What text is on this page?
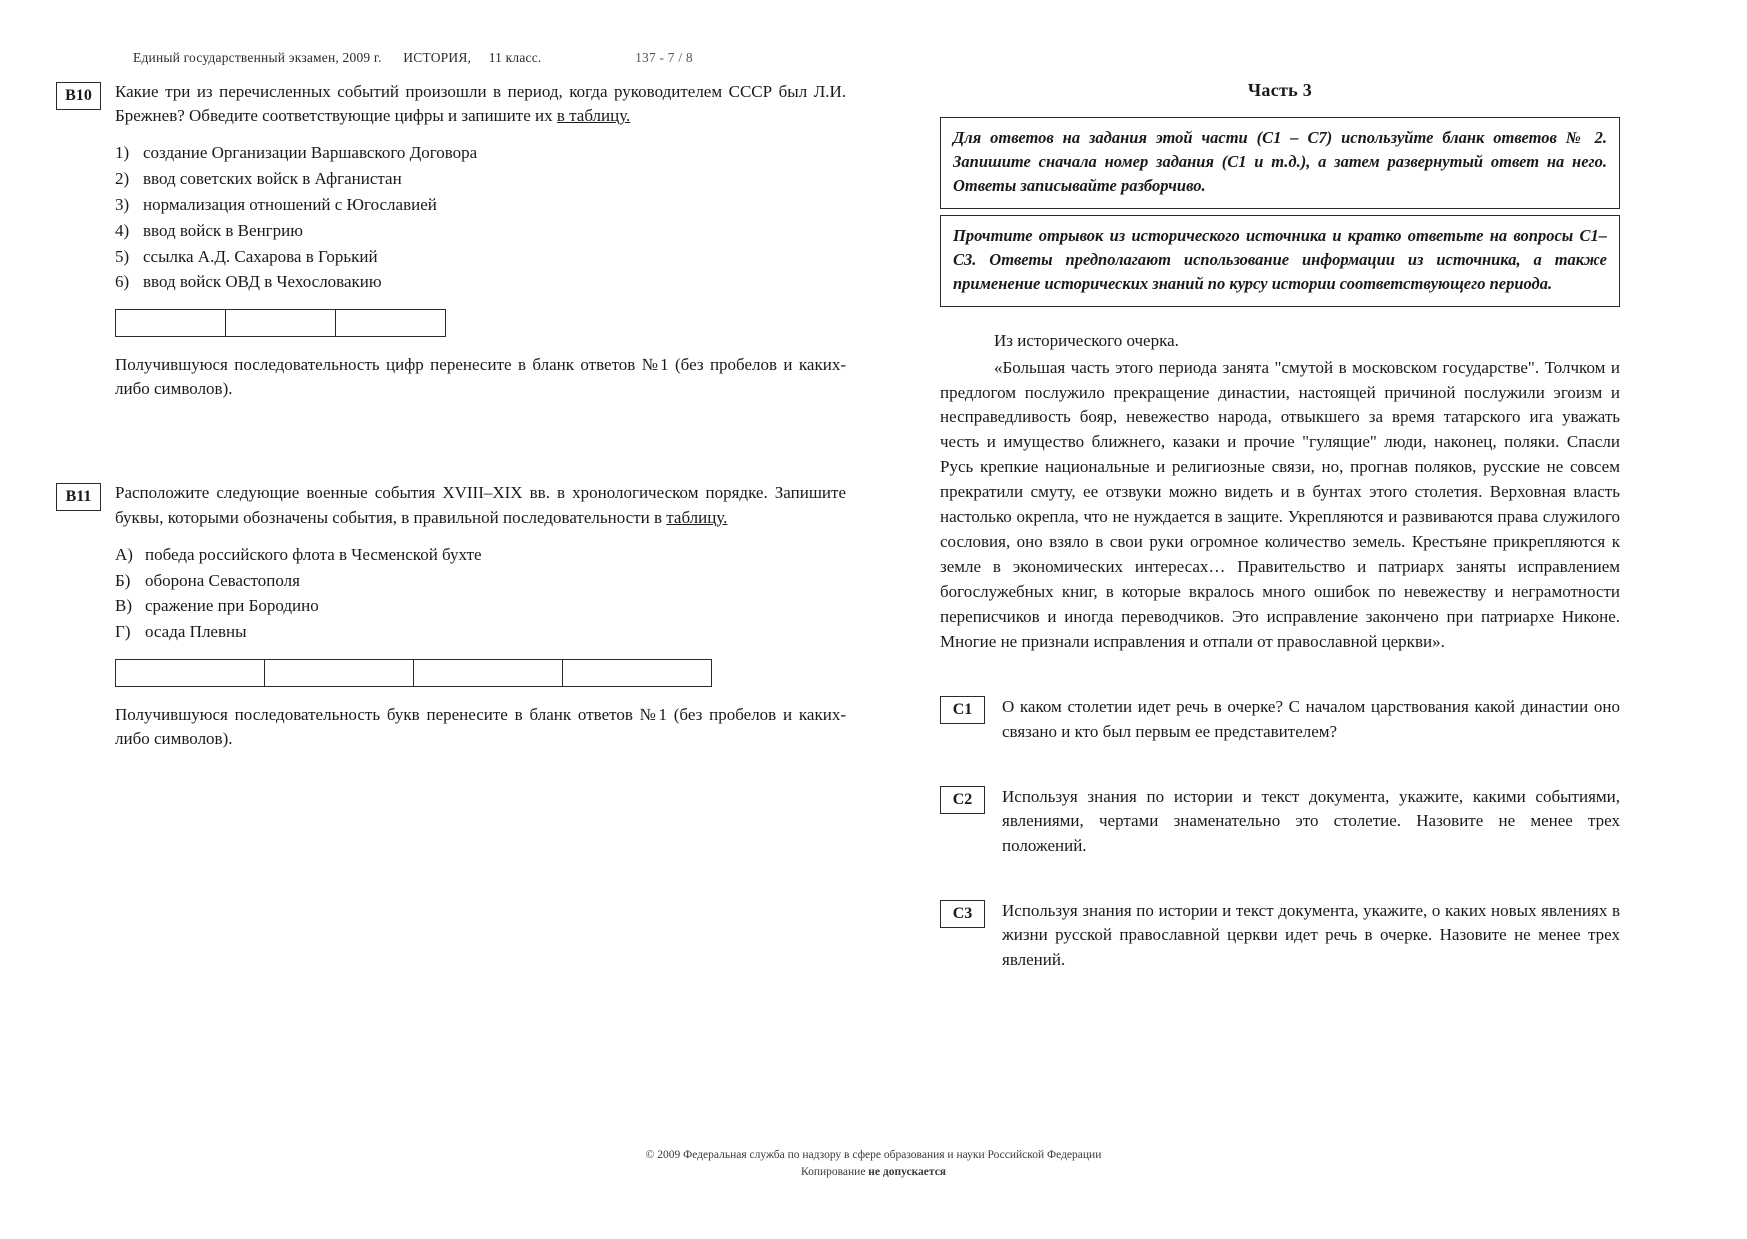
Единый государственный экзамен, 2009 г. ИСТОРИЯ, 11 класс.	137 - 7 / 8
В10	Какие три из перечисленных событий произошли в период, когда руководителем СССР был Л.И. Брежнев? Обведите соответствующие цифры и запишите их в таблицу.
1) создание Организации Варшавского Договора
2) ввод советских войск в Афганистан
3) нормализация отношений с Югославией
4) ввод войск в Венгрию
5) ссылка А.Д. Сахарова в Горький
6) ввод войск ОВД в Чехословакию
Получившуюся последовательность цифр перенесите в бланк ответов №1 (без пробелов и каких-либо символов).
В11	Расположите следующие военные события XVIII–XIX вв. в хронологическом порядке. Запишите буквы, которыми обозначены события, в правильной последовательности в таблицу.
А) победа российского флота в Чесменской бухте
Б) оборона Севастополя
В) сражение при Бородино
Г) осада Плевны
Получившуюся последовательность букв перенесите в бланк ответов №1 (без пробелов и каких-либо символов).
Часть 3
Для ответов на задания этой части (С1 – С7) используйте бланк ответов № 2. Запишите сначала номер задания (С1 и т.д.), а затем развернутый ответ на него. Ответы записывайте разборчиво.
Прочтите отрывок из исторического источника и кратко ответьте на вопросы С1–С3. Ответы предполагают использование информации из источника, а также применение исторических знаний по курсу истории соответствующего периода.
Из исторического очерка.
«Большая часть этого периода занята "смутой в московском государстве". Толчком и предлогом послужило прекращение династии, настоящей причиной послужили эгоизм и несправедливость бояр, невежество народа, отвыкшего за время татарского ига уважать честь и имущество ближнего, казаки и прочие "гулящие" люди, наконец, поляки. Спасли Русь крепкие национальные и религиозные связи, но, прогнав поляков, русские не совсем прекратили смуту, ее отзвуки можно видеть и в бунтах этого столетия. Верховная власть настолько окрепла, что не нуждается в защите. Укрепляются и развиваются права служилого сословия, оно взяло в свои руки огромное количество земель. Крестьяне прикрепляются к земле в экономических интересах… Правительство и патриарх заняты исправлением богослужебных книг, в которые вкралось много ошибок по невежеству и неграмотности переписчиков и иногда переводчиков. Это исправление закончено при патриархе Никоне. Многие не признали исправления и отпали от православной церкви».
С1	О каком столетии идет речь в очерке? С началом царствования какой династии оно связано и кто был первым ее представителем?
С2	Используя знания по истории и текст документа, укажите, какими событиями, явлениями, чертами знаменательно это столетие. Назовите не менее трех положений.
С3	Используя знания по истории и текст документа, укажите, о каких новых явлениях в жизни русской православной церкви идет речь в очерке. Назовите не менее трех явлений.
© 2009 Федеральная служба по надзору в сфере образования и науки Российской Федерации
Копирование не допускается
